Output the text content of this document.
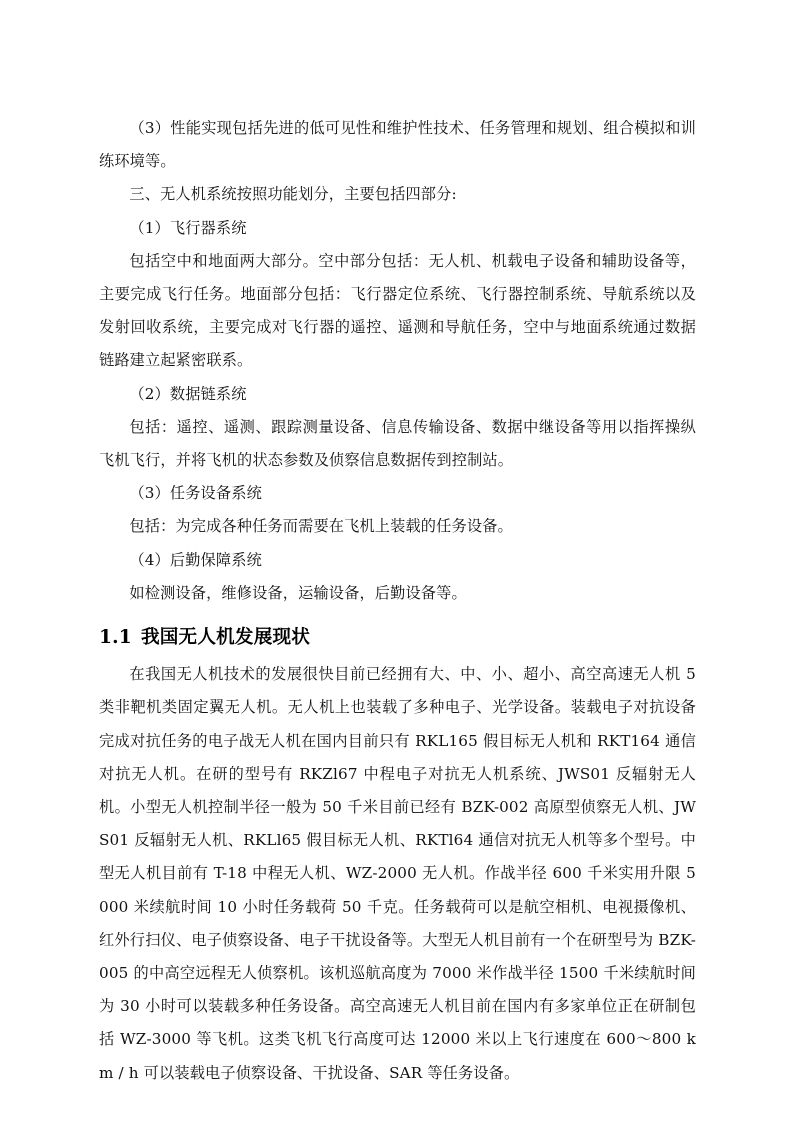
（3）性能实现包括先进的低可见性和维护性技术、任务管理和规划、组合模拟和训练环境等。

三、无人机系统按照功能划分，主要包括四部分:

（1）飞行器系统

包括空中和地面两大部分。空中部分包括：无人机、机载电子设备和辅助设备等，主要完成飞行任务。地面部分包括：飞行器定位系统、飞行器控制系统、导航系统以及发射回收系统，主要完成对飞行器的遥控、遥测和导航任务，空中与地面系统通过数据链路建立起紧密联系。

（2）数据链系统

包括：遥控、遥测、跟踪测量设备、信息传输设备、数据中继设备等用以指挥操纵飞机飞行，并将飞机的状态参数及侦察信息数据传到控制站。

（3）任务设备系统

包括：为完成各种任务而需要在飞机上装载的任务设备。

（4）后勤保障系统

如检测设备，维修设备，运输设备，后勤设备等。

1.1 我国无人机发展现状

在我国无人机技术的发展很快目前已经拥有大、中、小、超小、高空高速无人机 5 类非靶机类固定翼无人机。无人机上也装载了多种电子、光学设备。装载电子对抗设备完成对抗任务的电子战无人机在国内目前只有 RKL165 假目标无人机和 RKT164 通信对抗无人机。在研的型号有 RKZl67 中程电子对抗无人机系统、JWS01 反辐射无人机。小型无人机控制半径一般为 50 千米目前已经有 BZK-002 高原型侦察无人机、JWS01 反辐射无人机、RKLl65 假目标无人机、RKTl64 通信对抗无人机等多个型号。中型无人机目前有 T-18 中程无人机、WZ-2000 无人机。作战半径 600 千米实用升限 5000 米续航时间 10 小时任务载荷 50 千克。任务载荷可以是航空相机、电视摄像机、红外行扫仪、电子侦察设备、电子干扰设备等。大型无人机目前有一个在研型号为 BZK-005 的中高空远程无人侦察机。该机巡航高度为 7000 米作战半径 1500 千米续航时间为 30 小时可以装载多种任务设备。高空高速无人机目前在国内有多家单位正在研制包括 WZ-3000 等飞机。这类飞机飞行高度可达 12000 米以上飞行速度在 600～800 km / h 可以装载电子侦察设备、干扰设备、SAR 等任务设备。
